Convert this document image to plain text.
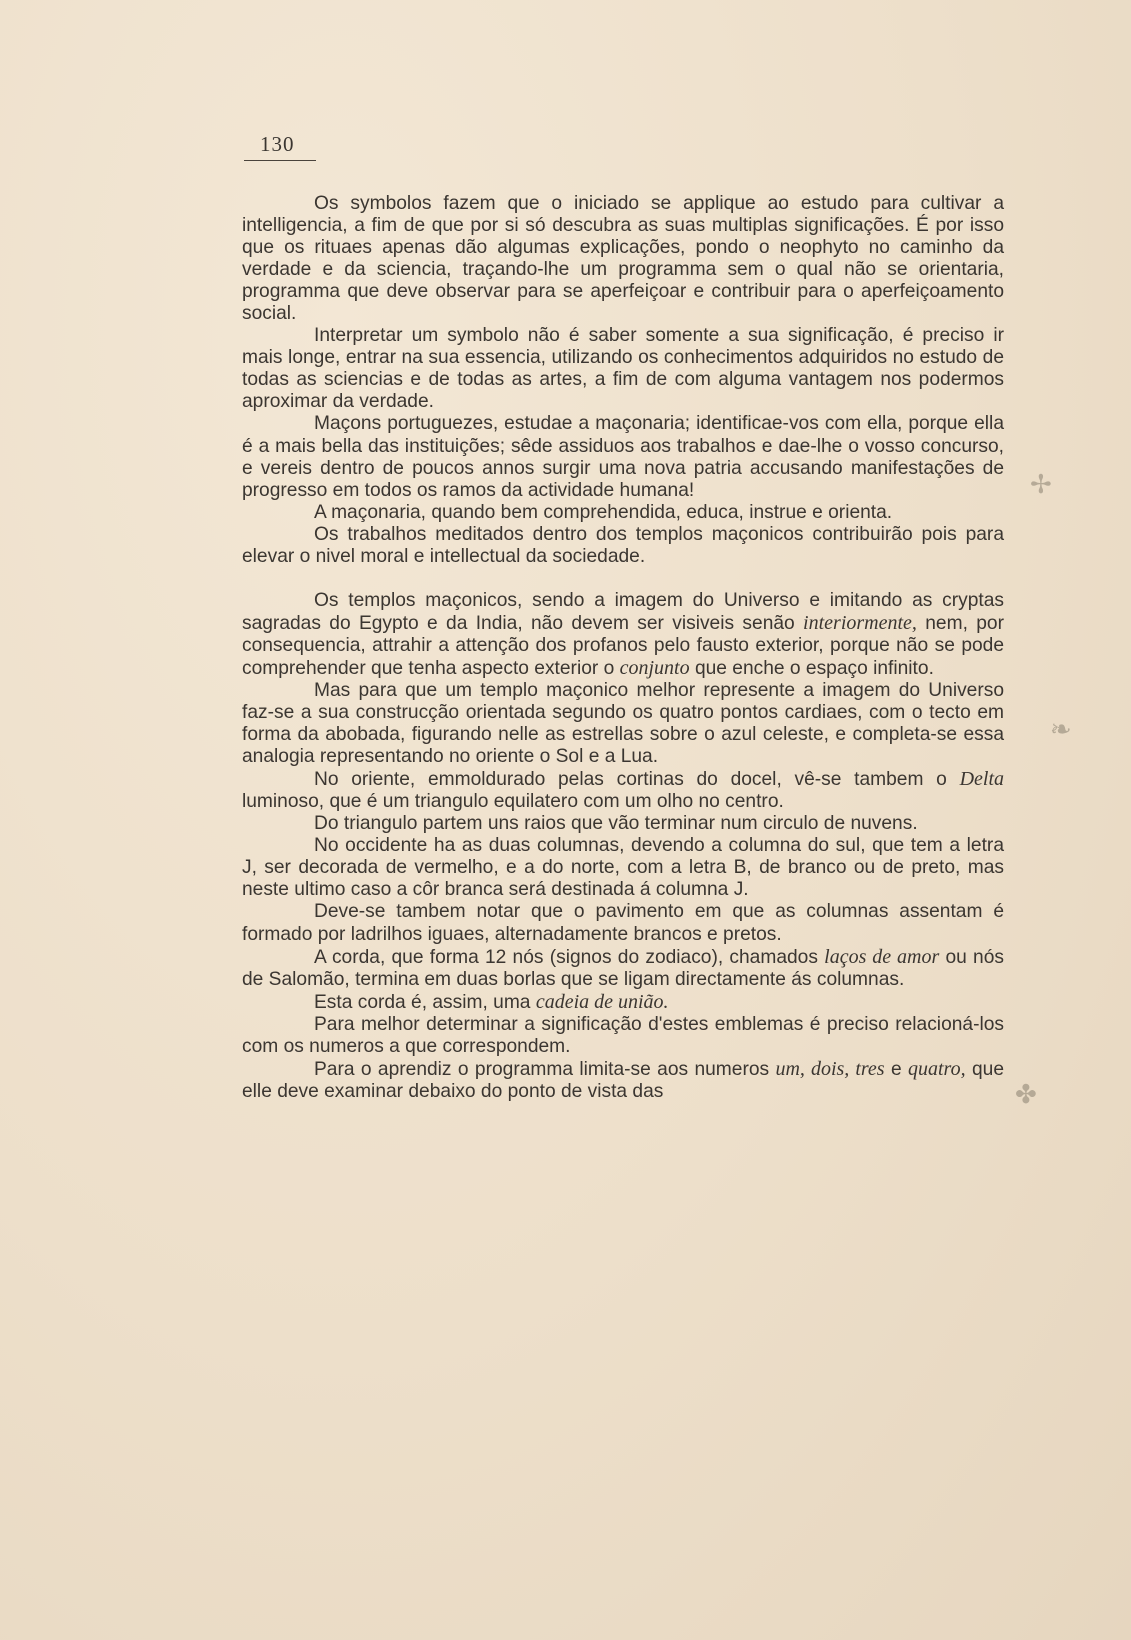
130

Os symbolos fazem que o iniciado se applique ao estudo para cultivar a intelligencia, a fim de que por si só descubra as suas multiplas significações. É por isso que os rituaes apenas dão algumas explicações, pondo o neophyto no caminho da verdade e da sciencia, traçando-lhe um programma sem o qual não se orientaria, programma que deve observar para se aperfeiçoar e contribuir para o aperfeiçoamento social.

Interpretar um symbolo não é saber somente a sua significação, é preciso ir mais longe, entrar na sua essencia, utilizando os conhecimentos adquiridos no estudo de todas as sciencias e de todas as artes, a fim de com alguma vantagem nos podermos aproximar da verdade.

Maçons portuguezes, estudae a maçonaria; identificae-vos com ella, porque ella é a mais bella das instituições; sêde assiduos aos trabalhos e dae-lhe o vosso concurso, e vereis dentro de poucos annos surgir uma nova patria accusando manifestações de progresso em todos os ramos da actividade humana!

A maçonaria, quando bem comprehendida, educa, instrue e orienta.

Os trabalhos meditados dentro dos templos maçonicos contribuirão pois para elevar o nivel moral e intellectual da sociedade.

Os templos maçonicos, sendo a imagem do Universo e imitando as cryptas sagradas do Egypto e da India, não devem ser visiveis senão interiormente, nem, por consequencia, attrahir a attenção dos profanos pelo fausto exterior, porque não se pode comprehender que tenha aspecto exterior o conjunto que enche o espaço infinito.

Mas para que um templo maçonico melhor represente a imagem do Universo faz-se a sua construcção orientada segundo os quatro pontos cardiaes, com o tecto em forma da abobada, figurando nelle as estrellas sobre o azul celeste, e completa-se essa analogia representando no oriente o Sol e a Lua.

No oriente, emmoldurado pelas cortinas do docel, vê-se tambem o Delta luminoso, que é um triangulo equilatero com um olho no centro.

Do triangulo partem uns raios que vão terminar num circulo de nuvens.

No occidente ha as duas columnas, devendo a columna do sul, que tem a letra J, ser decorada de vermelho, e a do norte, com a letra B, de branco ou de preto, mas neste ultimo caso a côr branca será destinada á columna J.

Deve-se tambem notar que o pavimento em que as columnas assentam é formado por ladrilhos iguaes, alternadamente brancos e pretos.

A corda, que forma 12 nós (signos do zodiaco), chamados laços de amor ou nós de Salomão, termina em duas borlas que se ligam directamente ás columnas.

Esta corda é, assim, uma cadeia de união.

Para melhor determinar a significação d'estes emblemas é preciso relacioná-los com os numeros a que correspondem.

Para o aprendiz o programma limita-se aos numeros um, dois, tres e quatro, que elle deve examinar debaixo do ponto de vista das

✢
❧
✤
